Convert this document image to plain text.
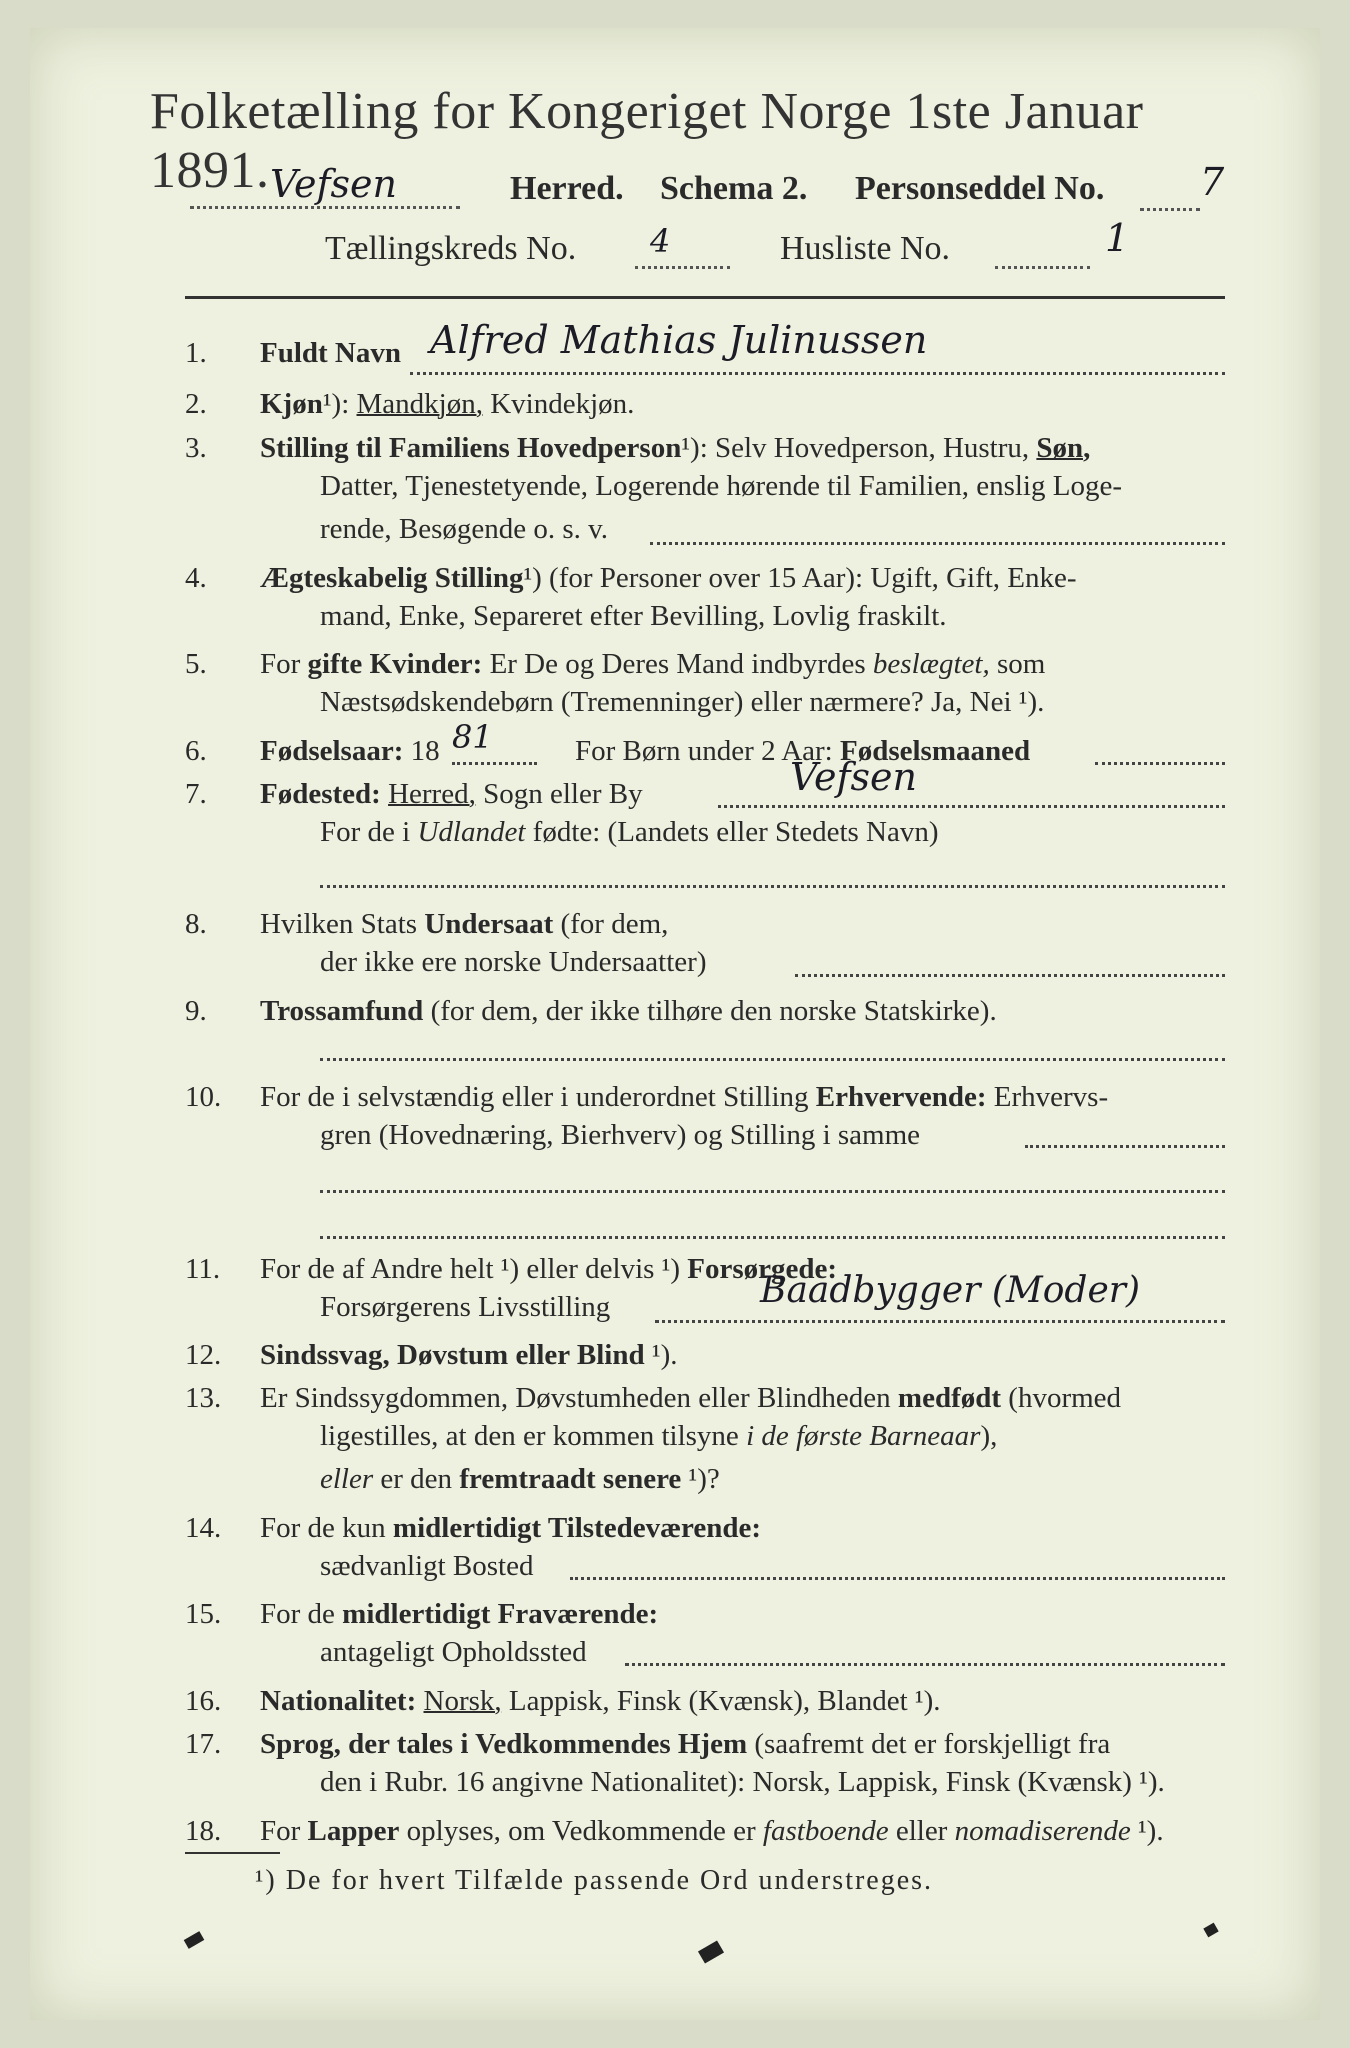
Folketælling for Kongeriget Norge 1ste Januar 1891. Vefsen	Herred. Schema 2. Personseddel No.	7
Tællingskreds No. 4	Husliste No.	1
1.	Fuldt Navn Alfred Mathias Julinussen
2.	Kjøn¹): Mandkjøn, Kvindekjøn.
3.	Stilling til Familiens Hovedperson¹): Selv Hovedperson, Hustru, Søn,
Datter, Tjenestetyende, Logerende hørende til Familien, enslig Loge-
rende, Besøgende o. s. v.
4.	Ægteskabelig Stilling¹) (for Personer over 15 Aar): Ugift, Gift, Enke-
mand, Enke, Separeret efter Bevilling, Lovlig fraskilt.
5.	For gifte Kvinder: Er De og Deres Mand indbyrdes beslægtet, som
Næstsødskendebørn (Tremenninger) eller nærmere? Ja, Nei ¹).
6.	Fødselsaar: 18 81	For Børn under 2 Aar: Fødselsmaaned
7.	Fødested: Herred, Sogn eller By	Vefsen
For de i Udlandet fødte: (Landets eller Stedets Navn)
8.	Hvilken Stats Undersaat (for dem,
der ikke ere norske Undersaatter)
9.	Trossamfund (for dem, der ikke tilhøre den norske Statskirke).
10.	For de i selvstændig eller i underordnet Stilling Erhvervende: Erhvervs-
gren (Hovednæring, Bierhverv) og Stilling i samme
11.	For de af Andre helt ¹) eller delvis ¹) Forsørgede:
Forsørgerens Livsstilling	Baadbygger (Moder)
12.	Sindssvag, Døvstum eller Blind ¹).
13.	Er Sindssygdommen, Døvstumheden eller Blindheden medfødt (hvormed
ligestilles, at den er kommen tilsyne i de første Barneaar),
eller er den fremtraadt senere ¹)?
14.	For de kun midlertidigt Tilstedeværende:
sædvanligt Bosted
15.	For de midlertidigt Fraværende:
antageligt Opholdssted
16.	Nationalitet: Norsk, Lappisk, Finsk (Kvænsk), Blandet ¹).
17.	Sprog, der tales i Vedkommendes Hjem (saafremt det er forskjelligt fra
den i Rubr. 16 angivne Nationalitet): Norsk, Lappisk, Finsk (Kvænsk) ¹).
18.	For Lapper oplyses, om Vedkommende er fastboende eller nomadiserende ¹).
¹) De for hvert Tilfælde passende Ord understreges.
